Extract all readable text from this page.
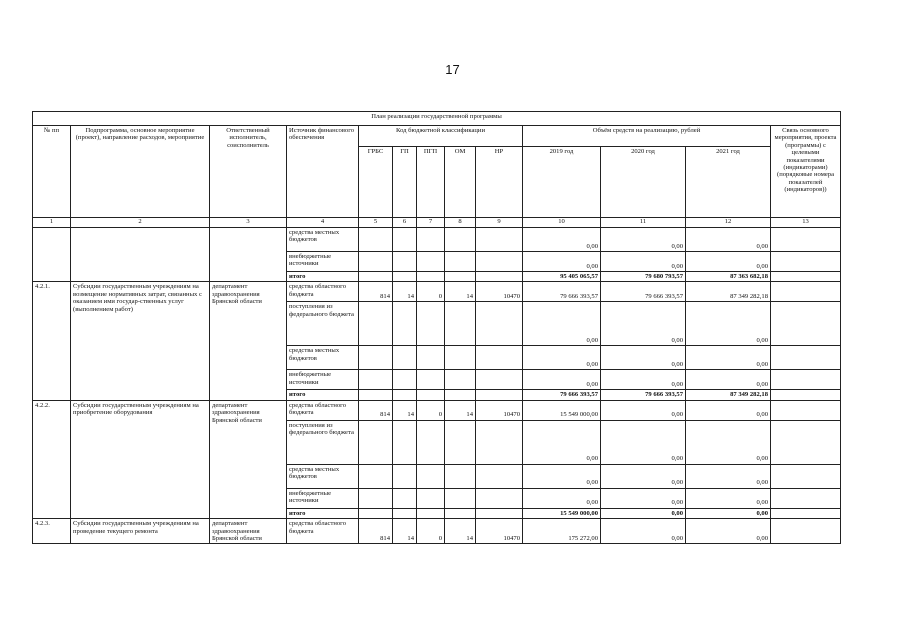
17
План реализации государственной программы												
№ пп	Подпрограмма, основное мероприятие (проект), направление расходов, мероприятие	Ответственный исполнитель, соисполнитель	Источник финансового обеспечения	Код бюджетной классификации					Объём средств на реализацию, рублей			Связь основного мероприятия, проекта (программы) с целевыми показателями (индикаторами) (порядковые номера показателей (индикаторов))
				ГРБС	ГП	ПГП	ОМ	НР	2019 год	2020 год	2021 год	
1	2	3	4	5	6	7	8	9	10	11	12	13
			средства местных бюджетов						0,00	0,00	0,00	
			внебюджетные источники						0,00	0,00	0,00	
			итого						95 405 065,57	79 680 793,57	87 363 682,18	
4.2.1.	Субсидии государственным учреждениям на возмещение нормативных затрат, связанных с оказанием ими государ-ственных услуг (выполнением работ)	департамент здравоохранения Брянской области	средства областного бюджета	814	14	0	14	10470	79 666 393,57	79 666 393,57	87 349 282,18	
			поступления из федерального бюджета						0,00	0,00	0,00	
			средства местных бюджетов						0,00	0,00	0,00	
			внебюджетные источники						0,00	0,00	0,00	
			итого						79 666 393,57	79 666 393,57	87 349 282,18	
4.2.2.	Субсидии государственным учреждениям на приобретение оборудования	департамент здравоохранения Брянской области	средства областного бюджета	814	14	0	14	10470	15 549 000,00	0,00	0,00	
			поступления из федерального бюджета						0,00	0,00	0,00	
			средства местных бюджетов						0,00	0,00	0,00	
			внебюджетные источники						0,00	0,00	0,00	
			итого						15 549 000,00	0,00	0,00	
4.2.3.	Субсидии государственным учреждениям на проведение текущего ремонта	департамент здравоохранения Брянской области	средства областного бюджета	814	14	0	14	10470	175 272,00	0,00	0,00	
